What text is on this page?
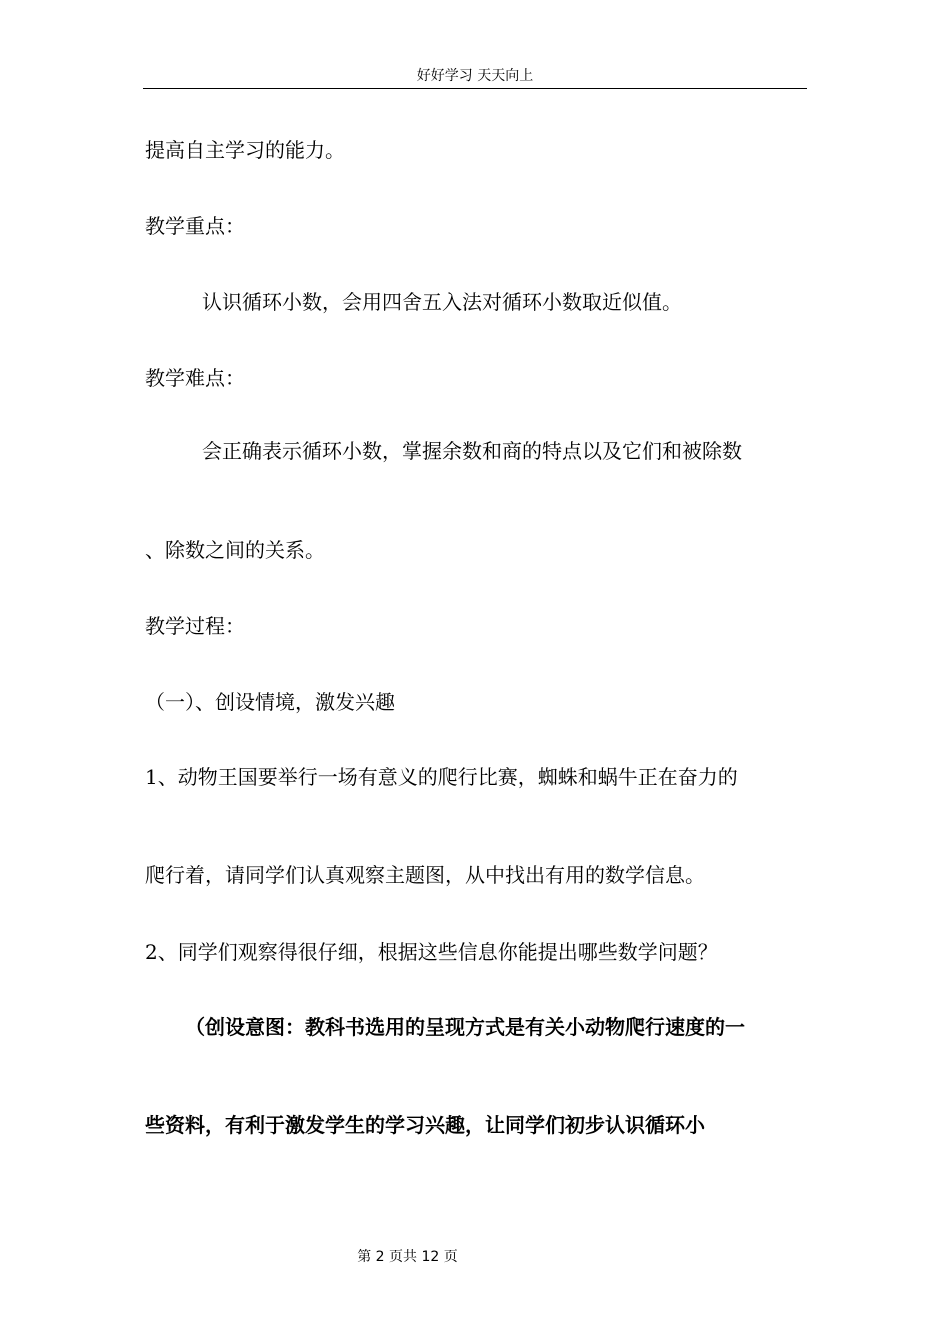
好好学习 天天向上
提高自主学习的能力。
教学重点：
认识循环小数，会用四舍五入法对循环小数取近似值。
教学难点：
会正确表示循环小数，掌握余数和商的特点以及它们和被除数
、除数之间的关系。
教学过程：
（一）、创设情境，激发兴趣
1、动物王国要举行一场有意义的爬行比赛，蜘蛛和蜗牛正在奋力的
爬行着，请同学们认真观察主题图，从中找出有用的数学信息。
2、同学们观察得很仔细，根据这些信息你能提出哪些数学问题？
（创设意图：教科书选用的呈现方式是有关小动物爬行速度的一
些资料，有利于激发学生的学习兴趣，让同学们初步认识循环小
第 2 页共 12 页
